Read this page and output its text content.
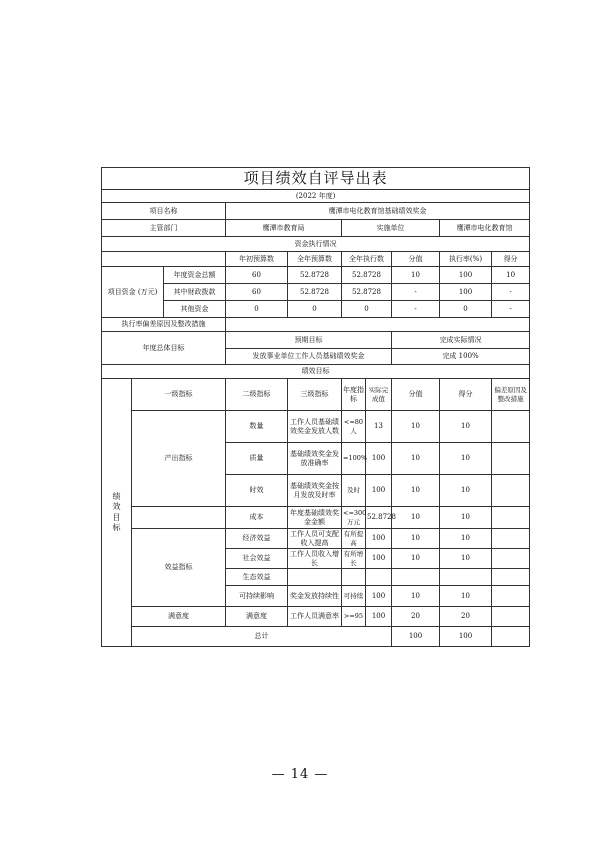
项目绩效自评导出表									
(2022 年度)									
项目名称			鹰潭市电化教育馆基础绩效奖金						
主管部门			鹰潭市教育局		实施单位			鹰潭市电化教育馆	
资金执行情况									
			年初预算数	全年预算数	全年执行数		分值	执行率(%)	得分
项目资金 (万元)		年度资金总额	60	52.8728	52.8728		10	100	10
		其中财政拨款	60	52.8728	52.8728		-	100	-
		其他资金	0	0	0		-	0	-
执行率偏差原因及整改措施									
年度总体目标			预期目标				完成实际情况		
			发放事业单位工作人员基础绩效奖金				完成 100%		
绩效目标									
绩效目标	一级指标		二级指标	三级指标	年度指标	实际完成值	分值	得分	偏差原因及整改措施
	产出指标		数量	工作人员基础绩效奖金发放人数	<=80人	13	10	10	
			质量	基础绩效奖金发放准确率	=100%	100	10	10	
			时效	基础绩效奖金按月发放及时率	及时	100	10	10	
			成本	年度基础绩效奖金金额	<=300万元	52.8728	10	10	
	效益指标		经济效益	工作人员可支配收入提高	有所提高	100	10	10	
			社会效益	工作人员收入增长	有所增长	100	10	10	
			生态效益						
			可持续影响	奖金发放持续性	可持续	100	10	10	
	满意度		满意度	工作人员满意率	>=95	100	20	20	
	总计						100	100	
— 14 —
